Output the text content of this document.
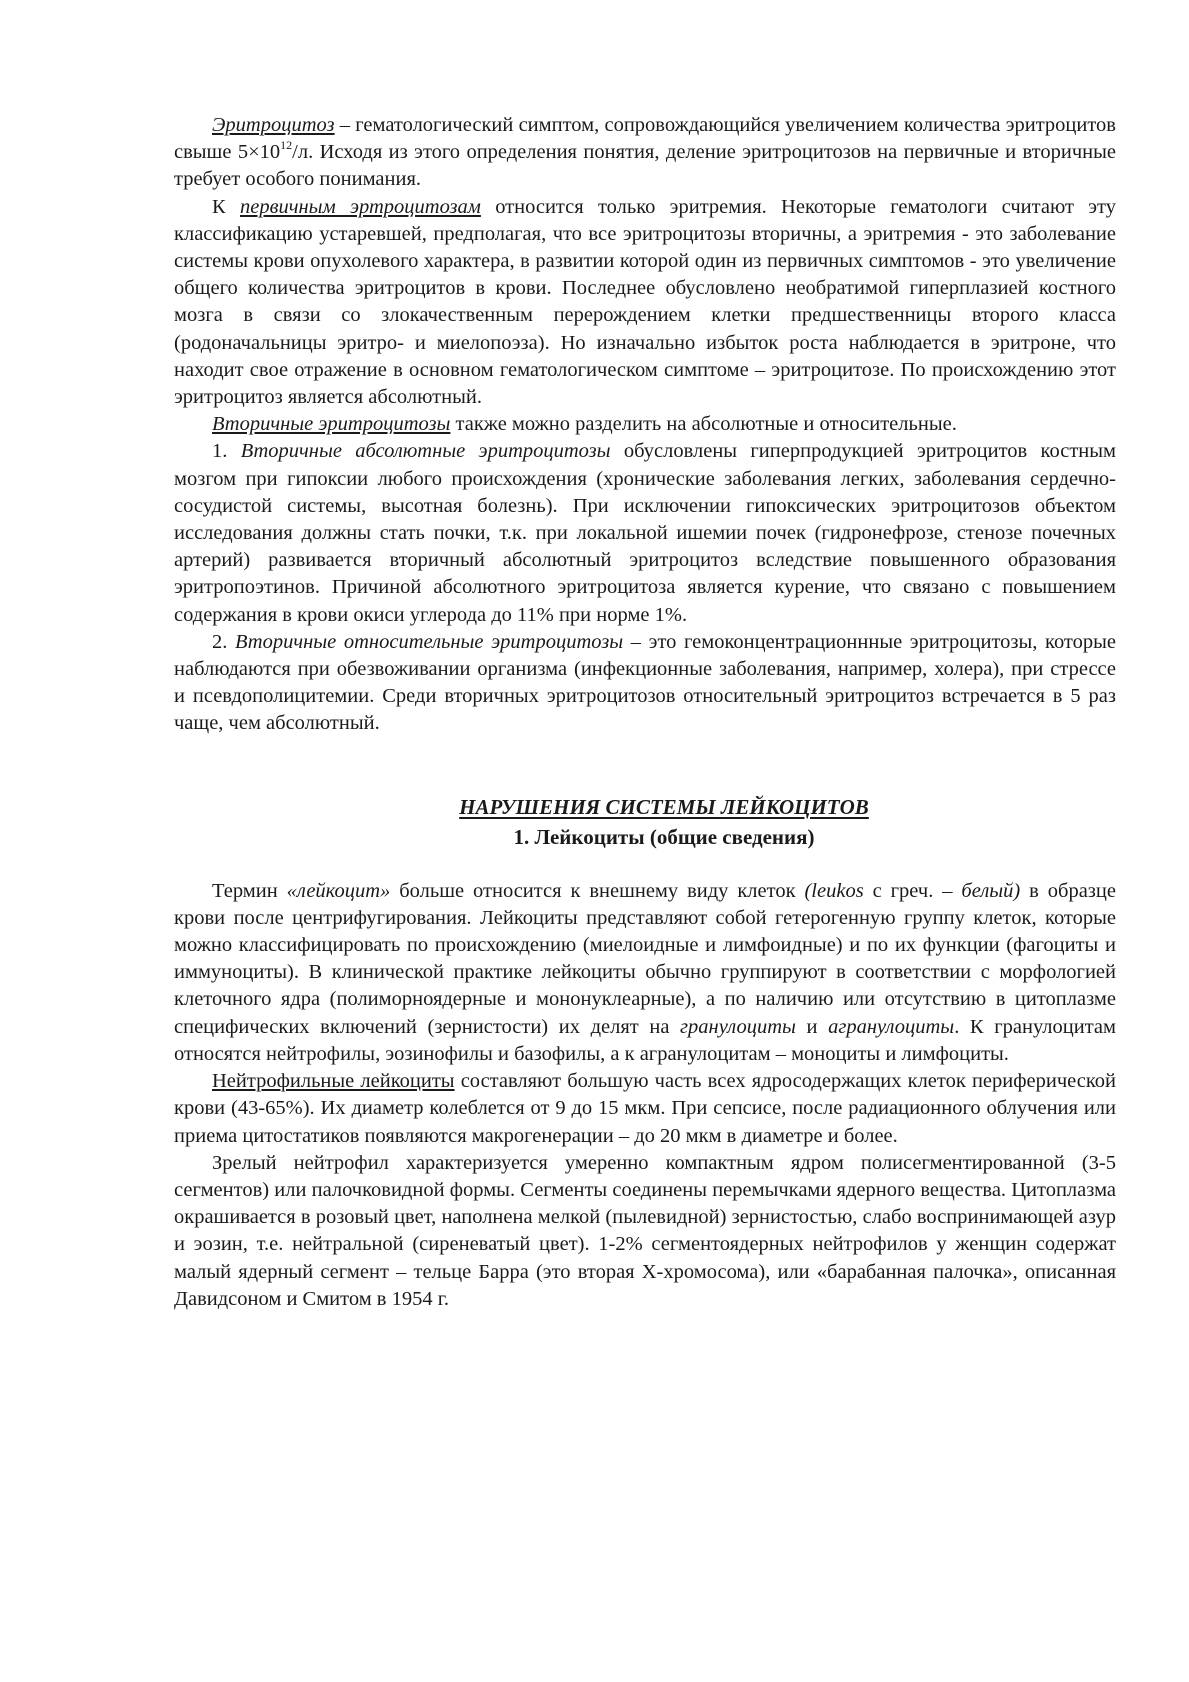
Эритроцитоз – гематологический симптом, сопровождающийся увеличением количества эритроцитов свыше $5\times 10^{12}/л$. Исходя из этого определения понятия, деление эритроцитозов на первичные и вторичные требует особого понимания.

К первичным эртроцитозам относится только эритремия. Некоторые гематологи считают эту классификацию устаревшей, предполагая, что все эритроцитозы вторичны, а эритремия - это заболевание системы крови опухолевого характера, в развитии которой один из первичных симптомов - это увеличение общего количества эритроцитов в крови. Последнее обусловлено необратимой гиперплазией костного мозга в связи со злокачественным перерождением клетки предшественницы второго класса (родоначальницы эритро- и миелопоэза). Но изначально избыток роста наблюдается в эритроне, что находит свое отражение в основном гематологическом симптоме – эритроцитозе. По происхождению этот эритроцитоз является абсолютный.

Вторичные эритроцитозы также можно разделить на абсолютные и относительные.

1. Вторичные абсолютные эритроцитозы обусловлены гиперпродукцией эритроцитов костным мозгом при гипоксии любого происхождения (хронические заболевания легких, заболевания сердечно-сосудистой системы, высотная болезнь). При исключении гипоксических эритроцитозов объектом исследования должны стать почки, т.к. при локальной ишемии почек (гидронефрозе, стенозе почечных артерий) развивается вторичный абсолютный эритроцитоз вследствие повышенного образования эритропоэтинов. Причиной абсолютного эритроцитоза является курение, что связано с повышением содержания в крови окиси углерода до 11% при норме 1%.

2. Вторичные относительные эритроцитозы – это гемоконцентрационнные эритроцитозы, которые наблюдаются при обезвоживании организма (инфекционные заболевания, например, холера), при стрессе и псевдополицитемии. Среди вторичных эритроцитозов относительный эритроцитоз встречается в 5 раз чаще, чем абсолютный.

НАРУШЕНИЯ СИСТЕМЫ ЛЕЙКОЦИТОВ

1. Лейкоциты (общие сведения)

Термин «лейкоцит» больше относится к внешнему виду клеток (leukos с греч. – белый) в образце крови после центрифугирования. Лейкоциты представляют собой гетерогенную группу клеток, которые можно классифицировать по происхождению (миелоидные и лимфоидные) и по их функции (фагоциты и иммуноциты). В клинической практике лейкоциты обычно группируют в соответствии с морфологией клеточного ядра (полиморноядерные и мононуклеарные), а по наличию или отсутствию в цитоплазме специфических включений (зернистости) их делят на гранулоциты и агранулоциты. К гранулоцитам относятся нейтрофилы, эозинофилы и базофилы, а к агранулоцитам – моноциты и лимфоциты.

Нейтрофильные лейкоциты составляют большую часть всех ядросодержащих клеток периферической крови (43-65%). Их диаметр колеблется от 9 до 15 мкм. При сепсисе, после радиационного облучения или приема цитостатиков появляются макрогенерации – до 20 мкм в диаметре и более.

Зрелый нейтрофил характеризуется умеренно компактным ядром полисегментированной (3-5 сегментов) или палочковидной формы. Сегменты соединены перемычками ядерного вещества. Цитоплазма окрашивается в розовый цвет, наполнена мелкой (пылевидной) зернистостью, слабо воспринимающей азур и эозин, т.е. нейтральной (сиреневатый цвет). 1-2% сегментоядерных нейтрофилов у женщин содержат малый ядерный сегмент – тельце Барра (это вторая Х-хромосома), или «барабанная палочка», описанная Давидсоном и Смитом в 1954 г.
